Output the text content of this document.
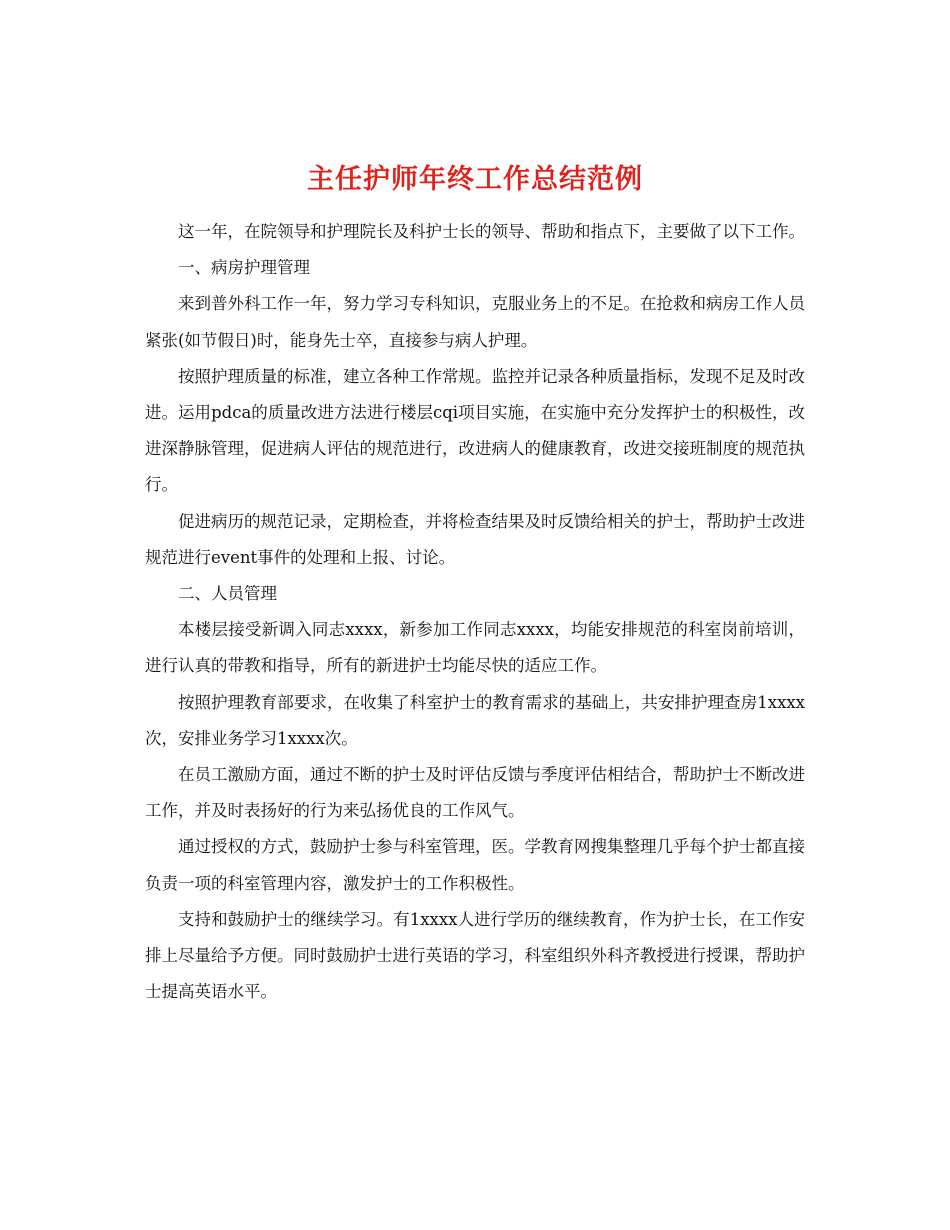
主任护师年终工作总结范例

这一年，在院领导和护理院长及科护士长的领导、帮助和指点下，主要做了以下工作。

一、病房护理管理

来到普外科工作一年，努力学习专科知识，克服业务上的不足。在抢救和病房工作人员紧张(如节假日)时，能身先士卒，直接参与病人护理。

按照护理质量的标准，建立各种工作常规。监控并记录各种质量指标，发现不足及时改进。运用pdca的质量改进方法进行楼层cqi项目实施，在实施中充分发挥护士的积极性，改进深静脉管理，促进病人评估的规范进行，改进病人的健康教育，改进交接班制度的规范执行。

促进病历的规范记录，定期检查，并将检查结果及时反馈给相关的护士，帮助护士改进规范进行event事件的处理和上报、讨论。

二、人员管理

本楼层接受新调入同志xxxx，新参加工作同志xxxx，均能安排规范的科室岗前培训，进行认真的带教和指导，所有的新进护士均能尽快的适应工作。

按照护理教育部要求，在收集了科室护士的教育需求的基础上，共安排护理查房1xxxx次，安排业务学习1xxxx次。

在员工激励方面，通过不断的护士及时评估反馈与季度评估相结合，帮助护士不断改进工作，并及时表扬好的行为来弘扬优良的工作风气。

通过授权的方式，鼓励护士参与科室管理，医。学教育网搜集整理几乎每个护士都直接负责一项的科室管理内容，激发护士的工作积极性。

支持和鼓励护士的继续学习。有1xxxx人进行学历的继续教育，作为护士长，在工作安排上尽量给予方便。同时鼓励护士进行英语的学习，科室组织外科齐教授进行授课，帮助护士提高英语水平。
